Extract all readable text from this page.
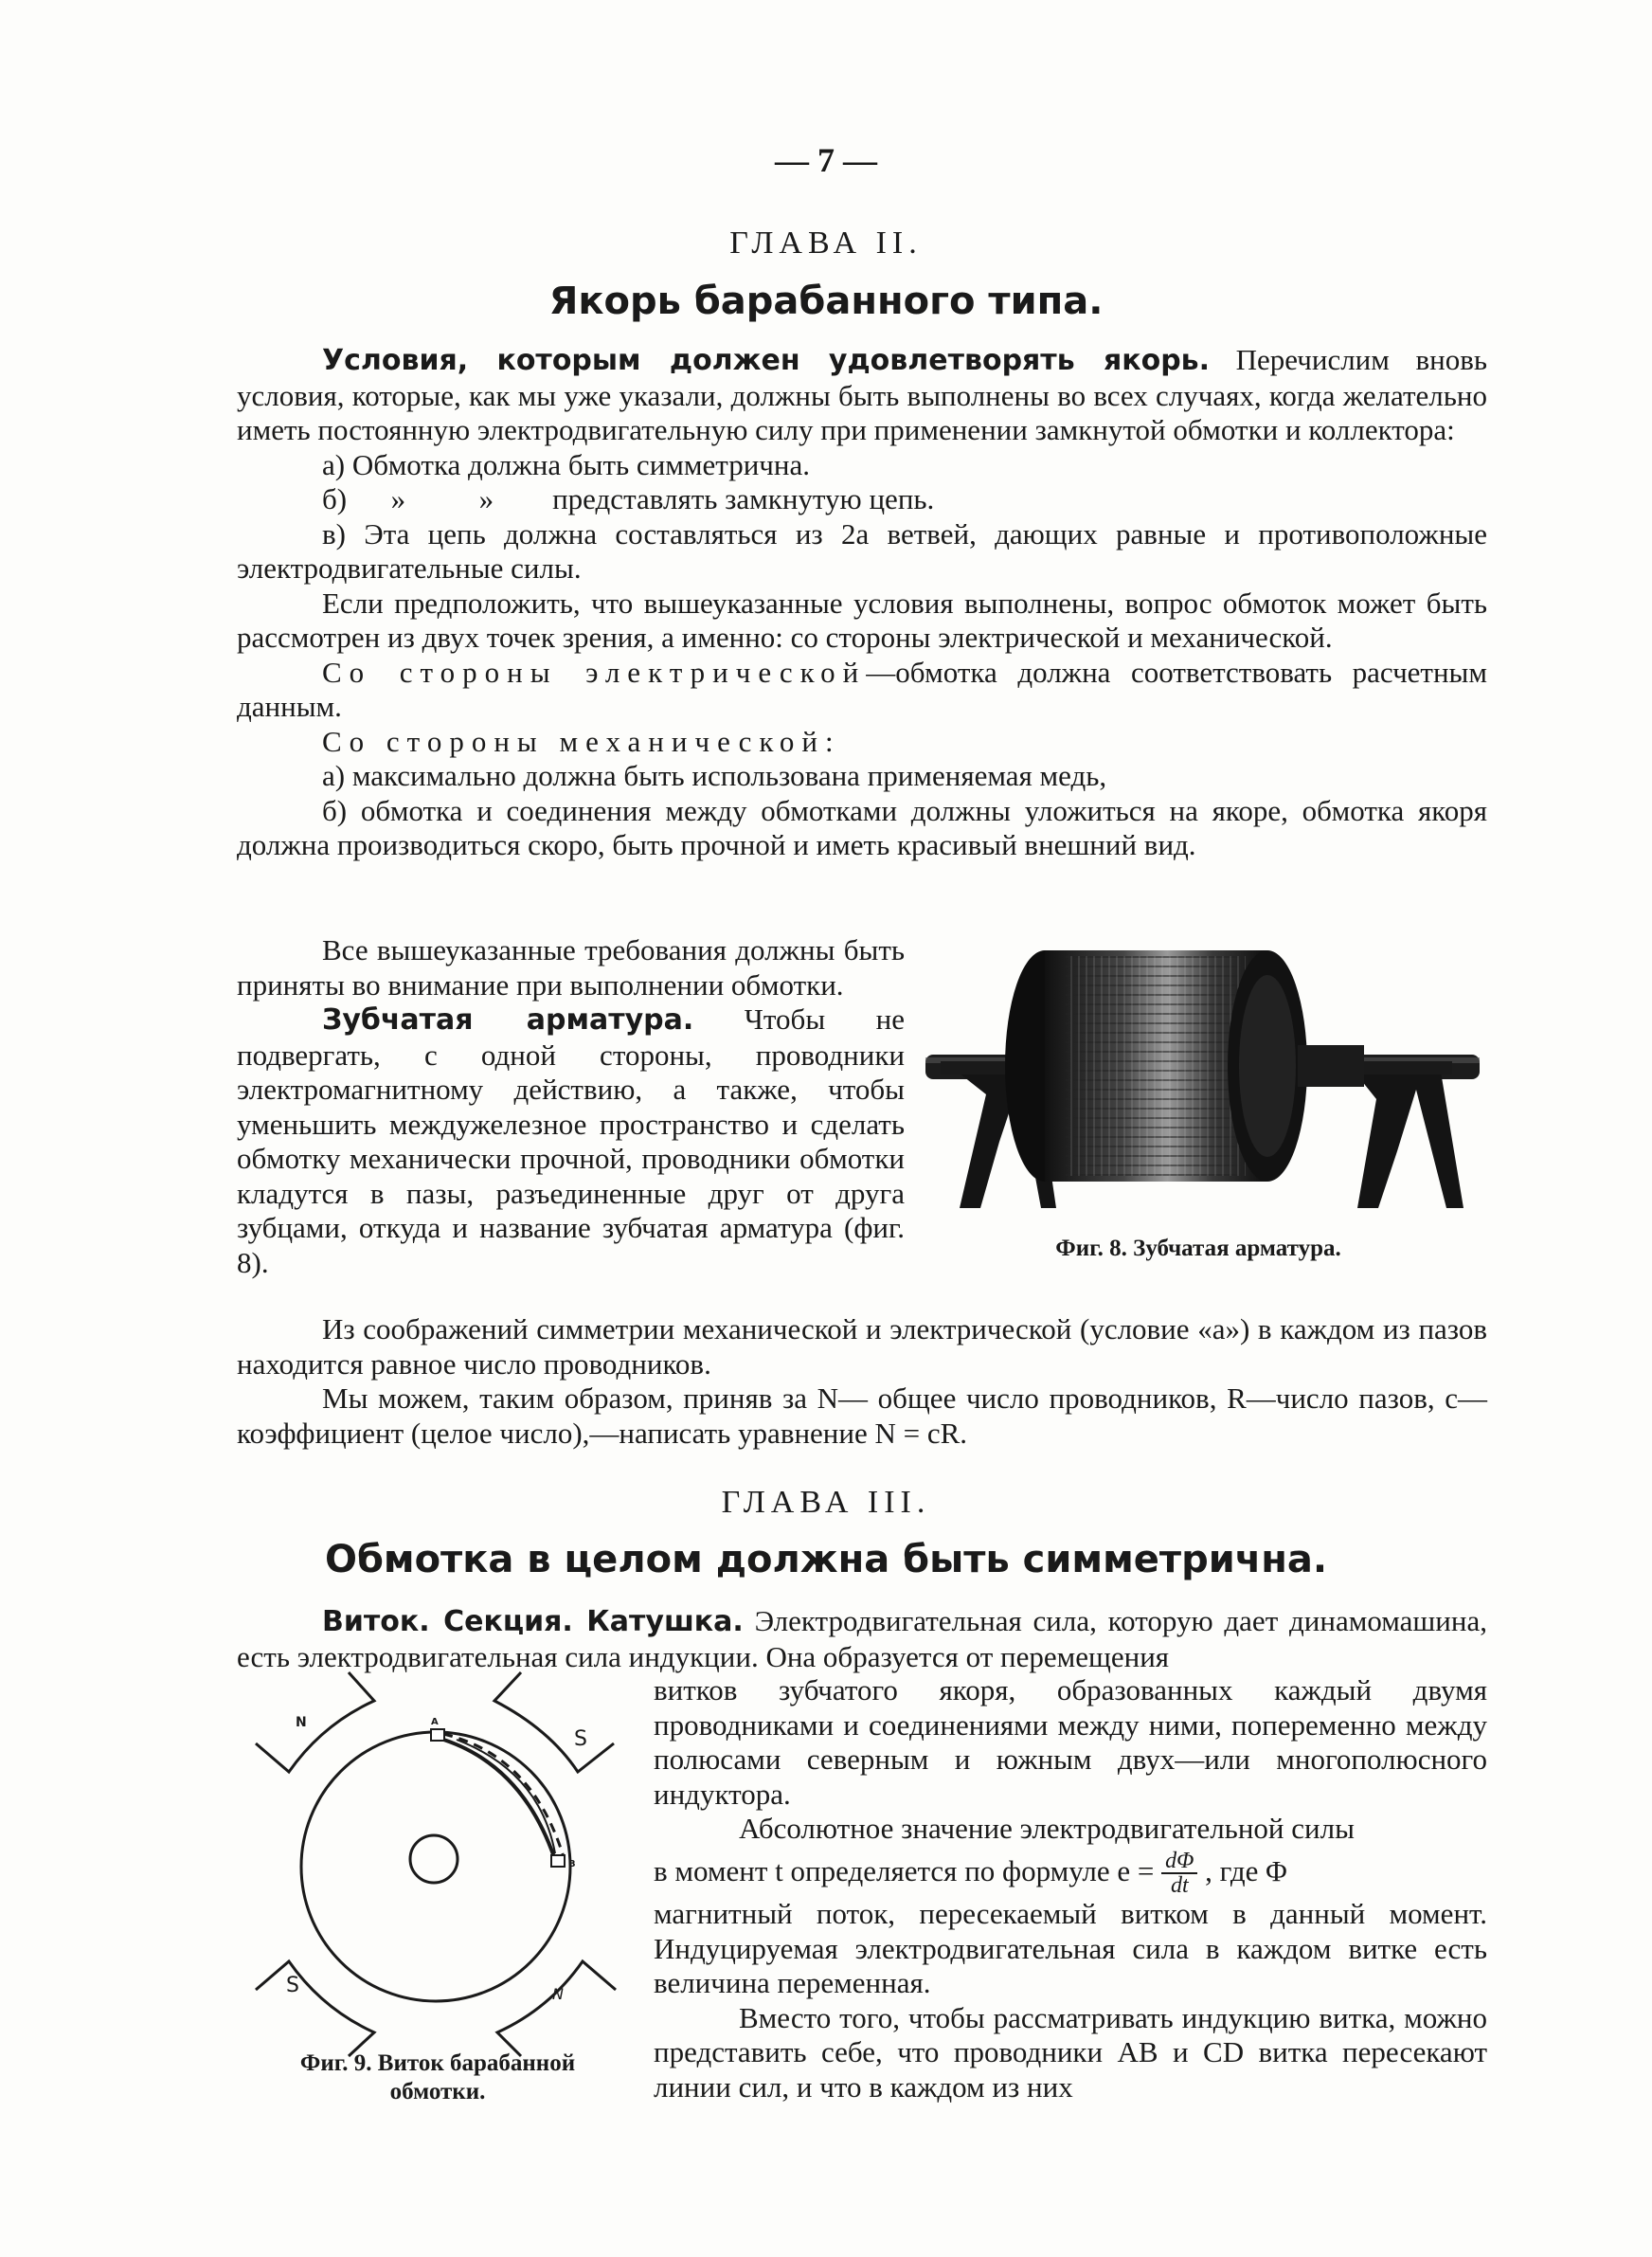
— 7 —
ГЛАВА II.
Якорь барабанного типа.

Условия, которым должен удовлетворять якорь. Перечислим вновь условия, которые, как мы уже указали, должны быть выполнены во всех случаях, когда желательно иметь постоянную электродвигательную силу при применении замкнутой обмотки и коллектора:

а) Обмотка должна быть симметрична.

б)      »          »        представлять замкнутую цепь.

в) Эта цепь должна составляться из 2a ветвей, дающих равные и противоположные электродвигательные силы.

Если предположить, что вышеуказанные условия выполнены, вопрос обмоток может быть рассмотрен из двух точек зрения, а именно: со стороны электрической и механической.

Со стороны электрической—обмотка должна соответствовать расчетным данным.

Со стороны механической:

а) максимально должна быть использована применяемая медь,

б) обмотка и соединения между обмотками должны уложиться на якоре, обмотка якоря должна производиться скоро, быть прочной и иметь красивый внешний вид.

Все вышеуказанные требования должны быть приняты во внимание при выполнении обмотки.

Зубчатая арматура. Чтобы не подвергать, с одной стороны, проводники электромагнитному действию, а также, чтобы уменьшить междужелезное пространство и сделать обмотку механически прочной, проводники обмотки кладутся в пазы, разъединенные друг от друга зубцами, откуда и название зубчатая арматура (фиг. 8).	Фиг. 8. Зубчатая арматура.

Из соображений симметрии механической и электрической (условие «а») в каждом из пазов находится равное число проводников.

Мы можем, таким образом, приняв за N— общее число проводников, R—число пазов, c— коэффициент (целое число),—написать уравнение N = cR.

ГЛАВА III.
Обмотка в целом должна быть симметрична.

Виток. Секция. Катушка. Электродвигательная сила, которую дает динамомашина, есть электродвигательная сила индукции. Она образуется от перемещения

N
S
S	N
A
B
Фиг. 9. Виток барабанной
обмотки.

витков зубчатого якоря, образованных каждый двумя проводниками и соединениями между ними, попеременно между полюсами северным и южным двух—или многополюсного индуктора.

Абсолютное значение электродвигательной силы

в момент t определяется по формуле $e = \frac{d\Phi}{dt}$ , где Φ

магнитный поток, пересекаемый витком в данный момент. Индуцируемая электродвигательная сила в каждом витке есть величина переменная.

Вместо того, чтобы рассматривать индукцию витка, можно представить себе, что проводники AB и CD витка пересекают линии сил, и что в каждом из них
